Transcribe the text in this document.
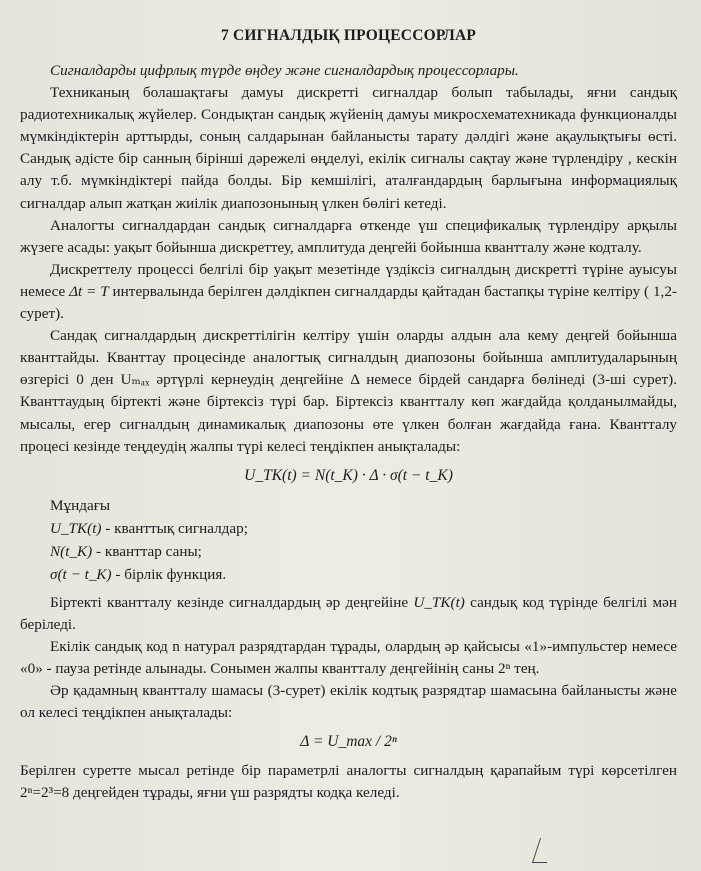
7 СИГНАЛДЫҚ ПРОЦЕССОРЛАР

Сигналдарды цифрлық түрде өңдеу және сигналдардық процессорлары.

Техниканың болашақтағы дамуы дискретті сигналдар болып табылады, яғни сандық радиотехникалық жүйелер. Сондықтан сандық жүйенің дамуы микросхематехникада функционалды мүмкіндіктерін арттырды, соның салдарынан байланысты тарату дәлдігі және ақаулықтығы өсті. Сандық әдісте бір санның бірінші дәрежелі өңделуі, екілік сигналы сақтау және түрлендіру , кескін алу т.б. мүмкіндіктері пайда болды. Бір кемшілігі, аталғандардың барлығына информациялық сигналдар алып жатқан жиілік диапозонының үлкен бөлігі кетеді.

Аналогты сигналдардан сандық сигналдарға өткенде үш спецификалық түрлендіру арқылы жүзеге асады: уақыт бойынша дискреттеу, амплитуда деңгейі бойынша квантталу және кодталу.

Дискреттелу процессі белгілі бір уақыт мезетінде үздіксіз сигналдың дискретті түріне ауысуы немесе Δt = T интервалында берілген дәлдікпен сигналдарды қайтадан бастапқы түріне келтіру ( 1,2- сурет).

Сандақ сигналдардың дискреттілігін келтіру үшін оларды алдын ала кему деңгей бойынша кванттайды. Кванттау процесінде аналогтық сигналдың диапозоны бойынша амплитудаларының өзгерісі 0 ден Uₘₐₓ әртүрлі кернеудің деңгейіне Δ немесе бірдей сандарға бөлінеді (3-ші сурет). Кванттаудың біртекті және біртексіз түрі бар. Біртексіз квантталу көп жағдайда қолданылмайды, мысалы, егер сигналдың динамикалық диапозоны өте үлкен болған жағдайда ғана. Квантталу процесі кезінде теңдеудің жалпы түрі келесі теңдікпен анықталады:

U_TK(t) = N(t_K) · Δ · σ(t − t_K)
Мұндағы
U_TK(t) - кванттық сигналдар;
N(t_K) - кванттар саны;
σ(t − t_K) - бірлік функция.

Біртекті квантталу кезінде сигналдардың әр деңгейіне U_TK(t) сандық код түрінде белгілі мән беріледі.

Екілік сандық код n натурал разрядтардан тұрады, олардың әр қайсысы «1»-импульстер немесе «0» - пауза ретінде алынады. Сонымен жалпы квантталу деңгейінің саны 2ⁿ тең.

Әр қадамның квантталу шамасы (3-сурет) екілік кодтық разрядтар шамасына байланысты және ол келесі теңдікпен анықталады:

Δ = U_max / 2ⁿ

Берілген суретте мысал ретінде бір параметрлі аналогты сигналдың қарапайым түрі көрсетілген 2ⁿ=2³=8 деңгейден тұрады, яғни үш разрядты кодқа келеді.
